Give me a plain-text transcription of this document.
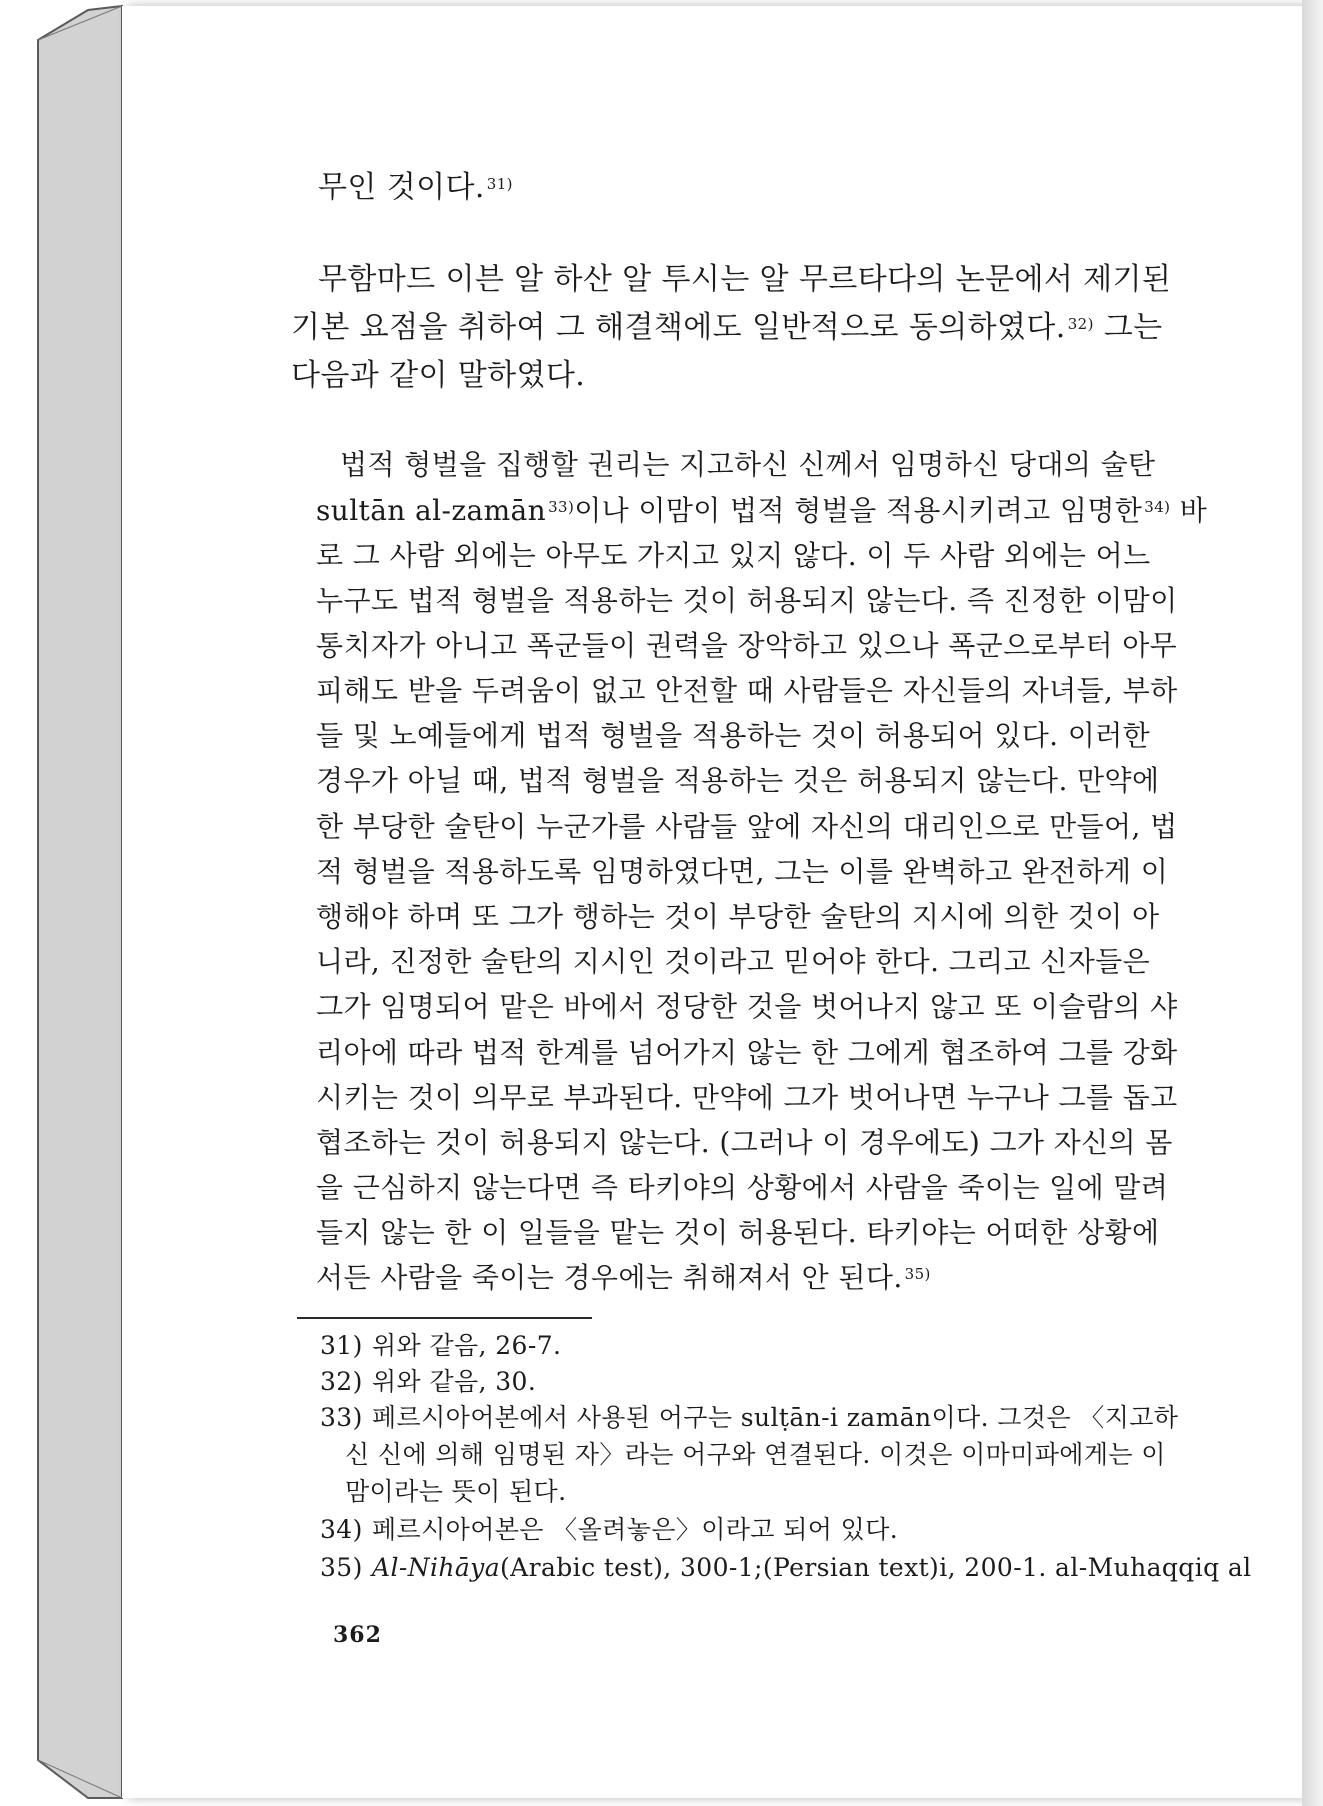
무인 것이다. $^{31)}$
무함마드 이븐 알 하산 알 투시는 알 무르타다의 논문에서 제기된
기본 요점을 취하여 그 해결책에도 일반적으로 동의하였다. $^{32)}$ 그는
다음과 같이 말하였다.
법적 형벌을 집행할 권리는 지고하신 신께서 임명하신 당대의 술탄
sultān al-zamān $^{33)}$이나 이맘이 법적 형벌을 적용시키려고 임명한 $^{34)}$ 바
로 그 사람 외에는 아무도 가지고 있지 않다. 이 두 사람 외에는 어느
누구도 법적 형벌을 적용하는 것이 허용되지 않는다. 즉 진정한 이맘이
통치자가 아니고 폭군들이 권력을 장악하고 있으나 폭군으로부터 아무
피해도 받을 두려움이 없고 안전할 때 사람들은 자신들의 자녀들, 부하
들 및 노예들에게 법적 형벌을 적용하는 것이 허용되어 있다. 이러한
경우가 아닐 때, 법적 형벌을 적용하는 것은 허용되지 않는다. 만약에
한 부당한 술탄이 누군가를 사람들 앞에 자신의 대리인으로 만들어, 법
적 형벌을 적용하도록 임명하였다면, 그는 이를 완벽하고 완전하게 이
행해야 하며 또 그가 행하는 것이 부당한 술탄의 지시에 의한 것이 아
니라, 진정한 술탄의 지시인 것이라고 믿어야 한다. 그리고 신자들은
그가 임명되어 맡은 바에서 정당한 것을 벗어나지 않고 또 이슬람의 샤
리아에 따라 법적 한계를 넘어가지 않는 한 그에게 협조하여 그를 강화
시키는 것이 의무로 부과된다. 만약에 그가 벗어나면 누구나 그를 돕고
협조하는 것이 허용되지 않는다. (그러나 이 경우에도) 그가 자신의 몸
을 근심하지 않는다면 즉 타키야의 상황에서 사람을 죽이는 일에 말려
들지 않는 한 이 일들을 맡는 것이 허용된다. 타키야는 어떠한 상황에
서든 사람을 죽이는 경우에는 취해져서 안 된다. $^{35)}$
31) 위와 같음, 26-7.
32) 위와 같음, 30.
33) 페르시아어본에서 사용된 어구는 sulṭān-i zamān이다. 그것은 〈지고하
신 신에 의해 임명된 자〉라는 어구와 연결된다. 이것은 이마미파에게는 이
맘이라는 뜻이 된다.
34) 페르시아어본은 〈올려놓은〉이라고 되어 있다.
35) Al-Nihāya(Arabic test), 300-1;(Persian text)i, 200-1. al-Muhaqqiq al
362
